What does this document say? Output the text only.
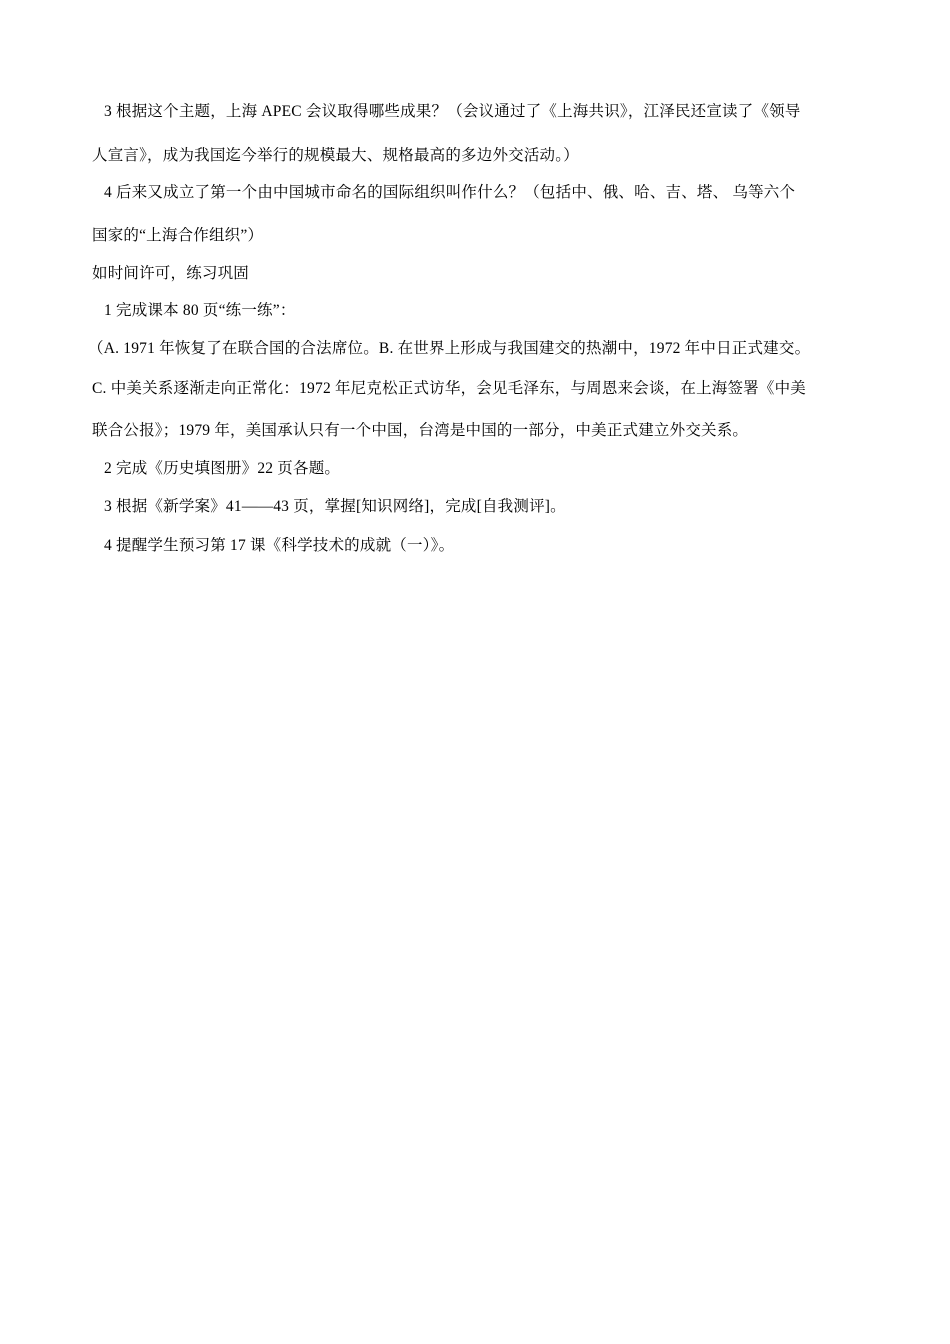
3 根据这个主题，上海 APEC 会议取得哪些成果？（会议通过了《上海共识》，江泽民还宣读了《领导
人宣言》，成为我国迄今举行的规模最大、规格最高的多边外交活动。）
4 后来又成立了第一个由中国城市命名的国际组织叫作什么？（包括中、俄、哈、吉、塔、 乌等六个
国家的“上海合作组织”）
如时间许可，练习巩固
1 完成课本 80 页“练一练”：
（A. 1971 年恢复了在联合国的合法席位。B. 在世界上形成与我国建交的热潮中，1972 年中日正式建交。
C. 中美关系逐渐走向正常化：1972 年尼克松正式访华，会见毛泽东，与周恩来会谈，在上海签署《中美
联合公报》；1979 年，美国承认只有一个中国，台湾是中国的一部分，中美正式建立外交关系。
2 完成《历史填图册》22 页各题。
3 根据《新学案》41——43 页，掌握[知识网络]，完成[自我测评]。
4 提醒学生预习第 17 课《科学技术的成就（一）》。
